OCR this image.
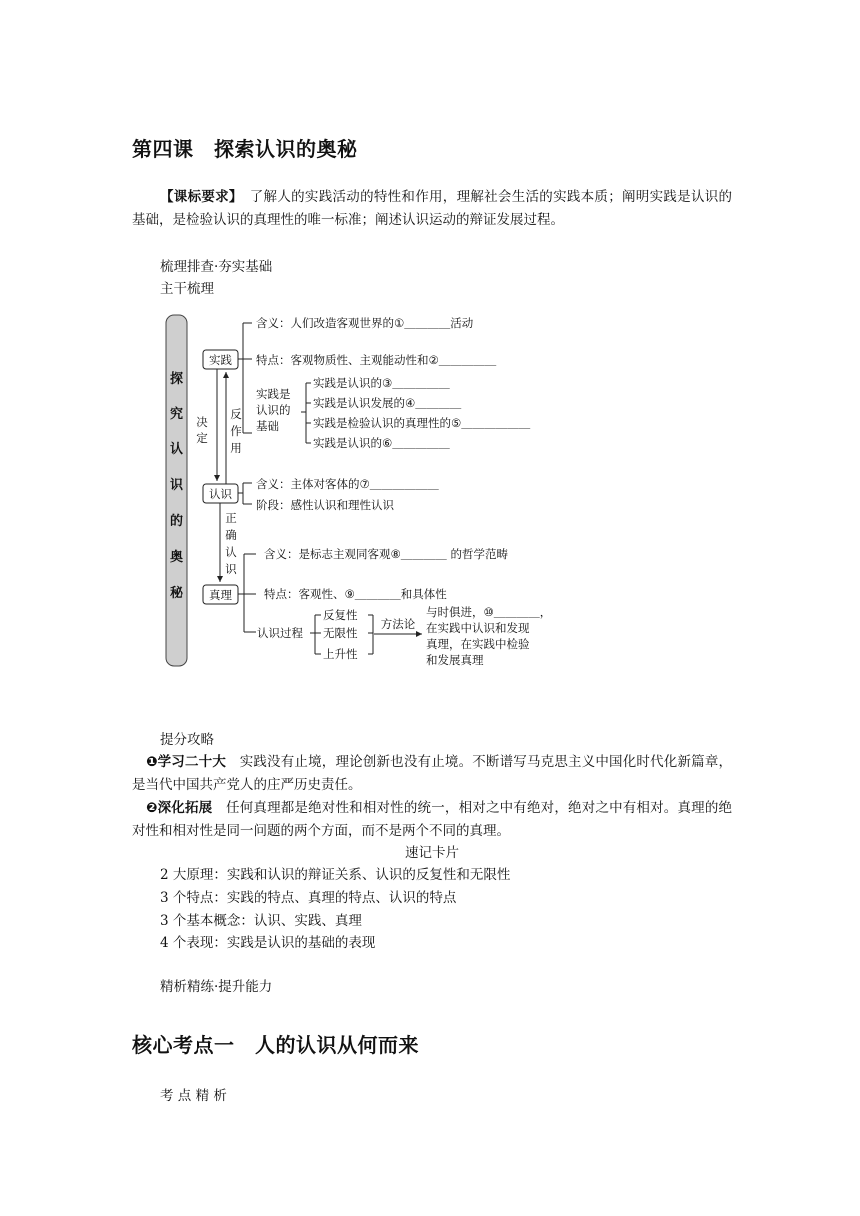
第四课　探索认识的奥秘
【课标要求】　了解人的实践活动的特性和作用，理解社会生活的实践本质；阐明实践是认识的基础，是检验认识的真理性的唯一标准；阐述认识运动的辩证发展过程。
梳理排查·夯实基础
主干梳理
探
究
认
识
的
奥
秘
实践
认识
真理
决
定
反
作
用
正
确
认
识
含义：人们改造客观世界的①＿＿＿＿活动
特点：客观物质性、主观能动性和②＿＿＿＿＿
实践是
认识的
基础
实践是认识的③＿＿＿＿＿
实践是认识发展的④＿＿＿＿
实践是检验认识的真理性的⑤＿＿＿＿＿＿
实践是认识的⑥＿＿＿＿＿
含义：主体对客体的⑦＿＿＿＿＿＿
阶段：感性认识和理性认识
含义：是标志主观同客观⑧＿＿＿＿ 的哲学范畴
特点：客观性、⑨＿＿＿＿和具体性
认识过程
反复性
无限性
上升性
方法论
与时俱进，⑩＿＿＿＿，
在实践中认识和发现
真理，在实践中检验
和发展真理
提分攻略
❶学习二十大　实践没有止境，理论创新也没有止境。不断谱写马克思主义中国化时代化新篇章，是当代中国共产党人的庄严历史责任。
❷深化拓展　任何真理都是绝对性和相对性的统一，相对之中有绝对，绝对之中有相对。真理的绝对性和相对性是同一问题的两个方面，而不是两个不同的真理。
速记卡片
2 大原理：实践和认识的辩证关系、认识的反复性和无限性
3 个特点：实践的特点、真理的特点、认识的特点
3 个基本概念：认识、实践、真理
4 个表现：实践是认识的基础的表现
精析精练·提升能力
核心考点一　人的认识从何而来
考 点 精 析
